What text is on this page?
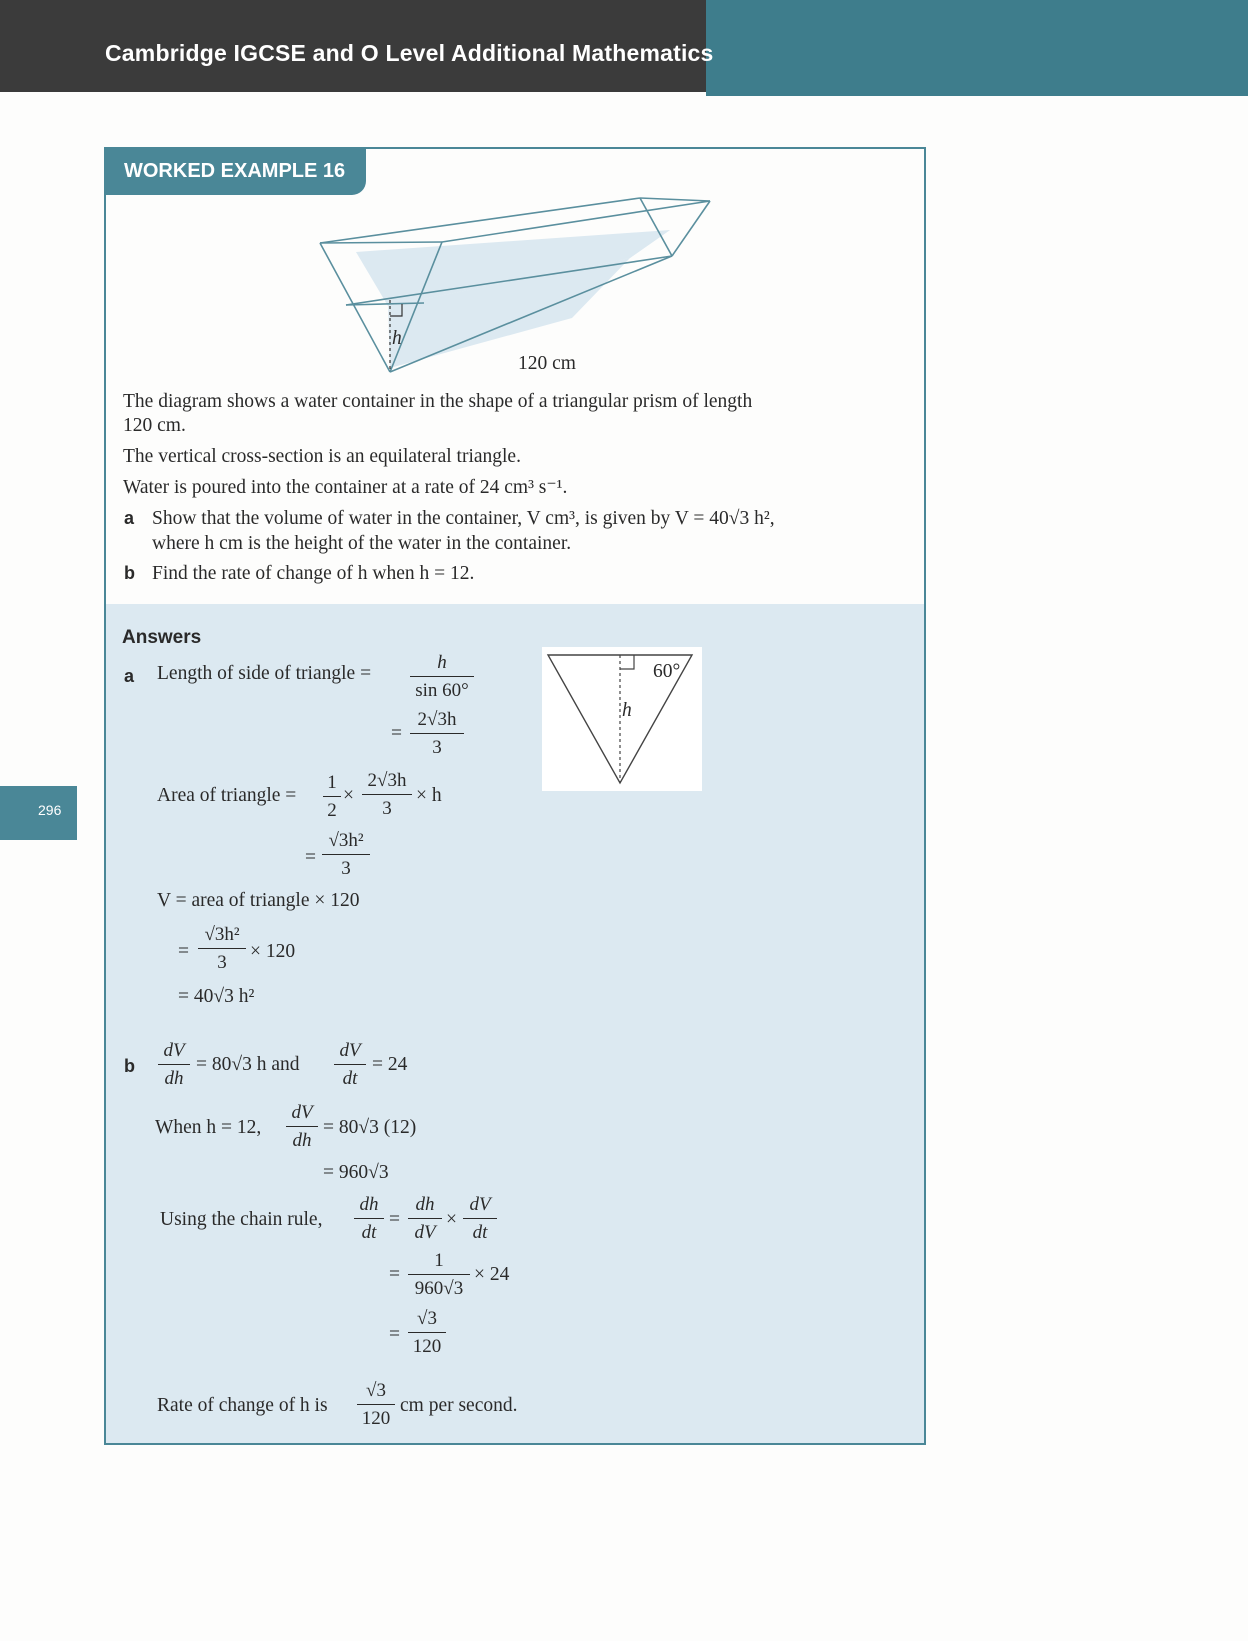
Cambridge IGCSE and O Level Additional Mathematics
296
WORKED EXAMPLE 16
h
120 cm
The diagram shows a water container in the shape of a triangular prism of length
120 cm.
The vertical cross-section is an equilateral triangle.
Water is poured into the container at a rate of 24 cm³ s⁻¹.
a Show that the volume of water in the container, V cm³, is given by V = 40√3 h²,
where h cm is the height of the water in the container.
b Find the rate of change of h when h = 12.
Answers
a Length of side of triangle =
h
sin 60°
=
2√3h
3
60°
h
Area of triangle =
1
2
×
2√3h
3
× h
=
√3h²
3
V = area of triangle × 120
=
√3h²
3
× 120
= 40√3 h²
b
dV
dh
= 80√3 h and
dV
dt
= 24
When h = 12,
dV
dh
= 80√3 (12)
= 960√3
Using the chain rule,
dh
dt
=
dh
dV
×
dV
dt
=
1
960√3
× 24
=
√3
120
Rate of change of h is
√3
120
cm per second.
